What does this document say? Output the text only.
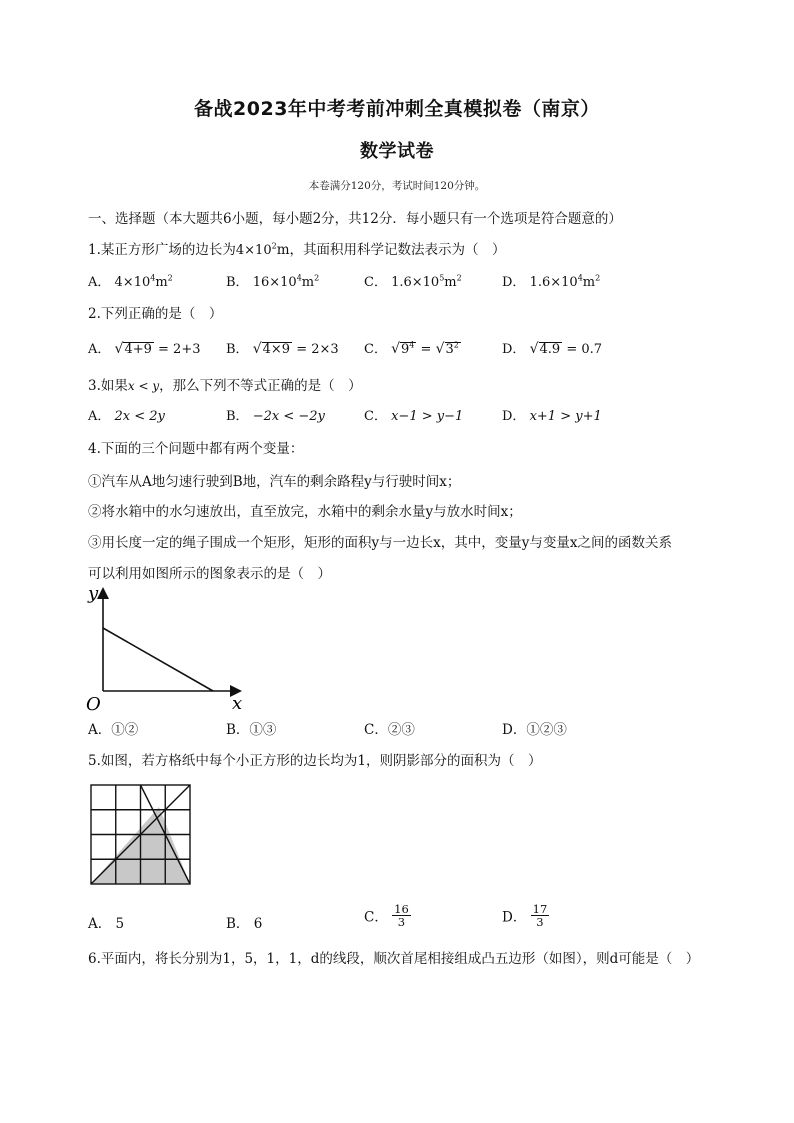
备战2023年中考考前冲刺全真模拟卷（南京）
数学试卷
本卷满分120分，考试时间120分钟。
一、选择题（本大题共6小题，每小题2分，共12分．每小题只有一个选项是符合题意的）
1.某正方形广场的边长为$4\times 10^2m$，其面积用科学记数法表示为（　）
A． $4\times 10^4m^2$	B． $16\times 10^4m^2$	C． $1.6\times 10^5m^2$	D． $1.6\times 10^4m^2$
2.下列正确的是（　）
A． √4+9 = 2+3 B． √4×9 = 2×3 C． $√9^4 = √3^2$	D． √4.9 = 0.7
3.如果x < y，那么下列不等式正确的是（　）
A． 2x < 2y	B． −2x < −2y	C． x−1 > y−1	D． x+1 > y+1
4.下面的三个问题中都有两个变量：
①汽车从A地匀速行驶到B地，汽车的剩余路程y与行驶时间x；
②将水箱中的水匀速放出，直至放完，水箱中的剩余水量y与放水时间x；
③用长度一定的绳子围成一个矩形，矩形的面积y与一边长x，其中，变量y与变量x之间的函数关系
可以利用如图所示的图象表示的是（　）
y
x
O
A．①②	B．①③	C．②③	D．①②③
5.如图，若方格纸中每个小正方形的边长均为1，则阴影部分的面积为（　）
A． 5	B． 6	C． $\frac{16}{3}$	D． $\frac{17}{3}$
6.平面内，将长分别为1，5，1，1，d的线段，顺次首尾相接组成凸五边形（如图），则d可能是（　）
